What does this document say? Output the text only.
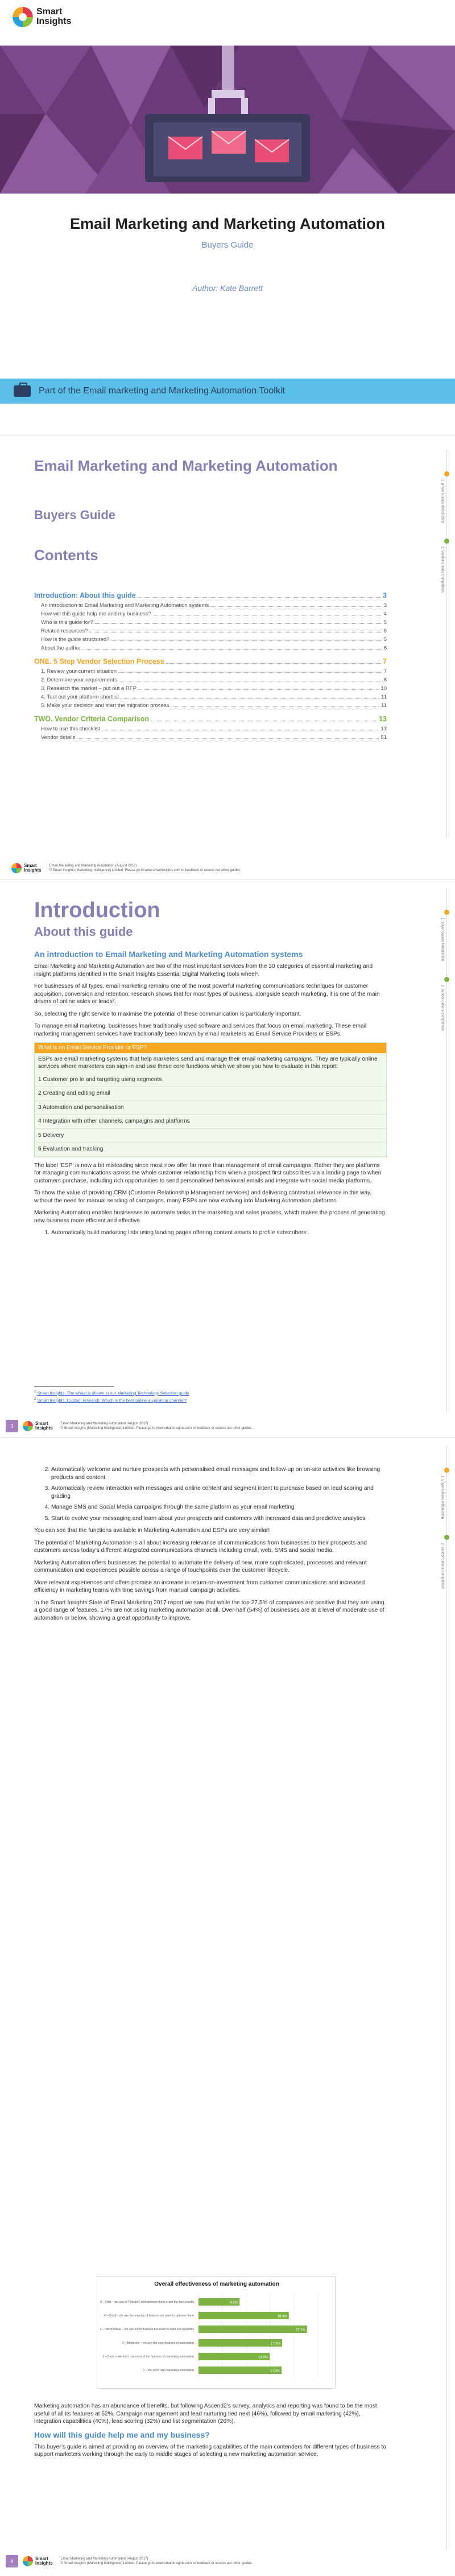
Smart
Insights
Email Marketing and Marketing Automation
Buyers Guide
Author: Kate Barrett
Part of the Email marketing and Marketing Automation Toolkit
Smart
Insights
Email Marketing and Marketing Automation (August 2017)
© Smart Insights (Marketing Intelligence) Limited. Please go to www.smartinsights.com to feedback or access our other guides.
3	Smart
Insights
Email Marketing and Marketing Automation (August 2017)
© Smart Insights (Marketing Intelligence) Limited. Please go to www.smartinsights.com to feedback or access our other guides.
4	Smart
Insights
Email Marketing and Marketing Automation (August 2017)
© Smart Insights (Marketing Intelligence) Limited. Please go to www.smartinsights.com to feedback or access our other guides.
1. Buyer Guides Introduction
2. Vendor Criteria Comparison
1. Buyer Guides Introduction
2. Vendor Criteria Comparison
1. Buyer Guides Introduction
2. Vendor Criteria Comparison
Email Marketing and Marketing Automation
Buyers Guide
Contents
Introduction: About this guide	3
An introduction to Email Marketing and Marketing Automation systems	3
How will this guide help me and my business?	4
Who is this guide for?	5
Related resources?	6
How is the guide structured?	5
About the author	6
ONE. 5 Step Vendor Selection Process	7
1. Review your current situation	7
2. Determine your requirements	8
3. Research the market – put out a RFP	10
4. Test out your platform shortlist	11
5. Make your decision and start the migration process	11
TWO. Vendor Criteria Comparison	13
How to use this checklist	13
Vendor details	51
Introduction
About this guide
An introduction to Email Marketing and Marketing Automation systems

Email Marketing and Marketing Automation are two of the most important services from the 30 categories of essential marketing and insight platforms identified in the Smart Insights Essential Digital Marketing tools wheel¹.

For businesses of all types, email marketing remains one of the most powerful marketing communications techniques for customer acquisition, conversion and retention; research shows that for most types of business, alongside search marketing, it is one of the main drivers of online sales or leads².

So, selecting the right service to maximise the potential of these communication is particularly important.

To manage email marketing, businesses have traditionally used software and services that focus on email marketing. These email marketing management services have traditionally been known by email marketers as Email Service Providers or ESPs.

What is an Email Service Provider or ESP?
ESPs are email marketing systems that help marketers send and manage their email marketing campaigns. They are typically online services where marketers can sign-in and use these core functions which we show you how to evaluate in this report:
1 Customer pro le and targeting using segments
2 Creating and editing email
3 Automation and personalisation
4 Integration with other channels, campaigns and platforms
5 Delivery
6 Evaluation and tracking

The label ‘ESP’ is now a bit misleading since most now offer far more than management of email campaigns. Rather they are platforms for managing communications across the whole customer relationship from when a prospect first subscribes via a landing page to when customers purchase, including rich opportunities to send personalised behavioural emails and integrate with social media platforms.

To show the value of providing CRM (Customer Relationship Management services) and delivering contextual relevance in this way, without the need for manual sending of campaigns, many ESPs are now evolving into Marketing Automation platforms.

Marketing Automation enables businesses to automate tasks in the marketing and sales process, which makes the process of generating new business more efficient and effective.

1. Automatically build marketing lists using landing pages offering content assets to profile subscribers
$^1$ Smart Insights, The wheel is shown in our Marketing Technology Selection guide
$^2$ Smart Insights, Custom research: Which is the best online acquisition channel?
2. Automatically welcome and nurture prospects with personalised email messages and follow-up on on-site activities like browsing products and content
3. Automatically review interaction with messages and online content and segment intent to purchase based on lead scoring and grading
4. Manage SMS and Social Media campaigns through the same platform as your email marketing
5. Start to evolve your messaging and learn about your prospects and customers with increased data and predictive analytics

You can see that the functions available in Marketing Automation and ESPs are very similar!

The potential of Marketing Automation is all about increasing relevance of communications from businesses to their prospects and customers across today’s different integrated communications channels including email, web, SMS and social media.

Marketing Automation offers businesses the potential to automate the delivery of new, more sophisticated, processes and relevant communication and experiences possible across a range of touchpoints over the customer lifecycle.

More relevant experiences and offers promise an increase in return-on-investment from customer communications and increased efficiency in marketing teams with time savings from manual campaign activities.

In the Smart Insights State of Email Marketing 2017 report we saw that while the top 27.5% of companies are positive that they are using a good range of features, 17% are not using marketing automation at all. Over-half (54%) of businesses are at a level of moderate use of automation or below, showing a great opportunity to improve.

Overall effectiveness of marketing automation
5 – High – we use of 'featured' and optimise them to get the best results	8.6%
4 – Good – we use the majority of features we need to optimise them	18.9%
3 – Intermediate – we use some features but need to build out capability	22.7%
2 – Moderate – we use the core features of automation	17.5%
1 – Basic – we don’t use most of the features of marketing automation	14.9%
0 – We don’t use marketing automation	17.4%

Marketing automation has an abundance of benefits, but following Ascend2’s survey, analytics and reporting was found to be the most useful of all its features at 52%. Campaign management and lead nurturing tied next (46%), followed by email marketing (42%), integration capabilities (40%), lead scoring (32%) and list segmentation (26%).

How will this guide help me and my business?

This buyer’s guide is aimed at providing an overview of the marketing capabilities of the main contenders for different types of business to support marketers working through the early to middle stages of selecting a new marketing automation service.
